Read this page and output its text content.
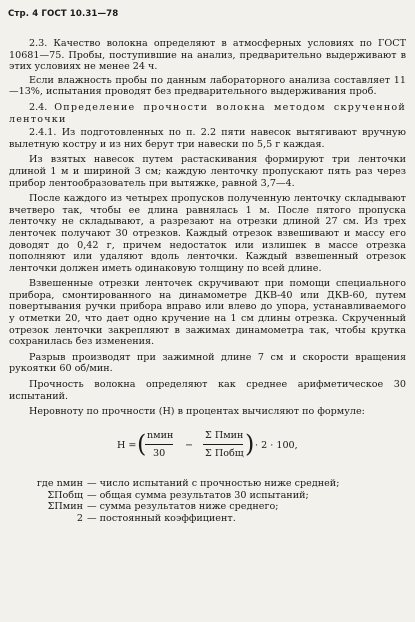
Стр. 4 ГОСТ 10.31—78

2.3. Качество волокна определяют в атмосферных условиях по ГОСТ 10681—75. Пробы, поступившие на анализ, предварительно выдерживают в этих условиях не менее 24 ч.

Если влажность пробы по данным лабораторного анализа составляет 11—13%, испытания проводят без предварительного выдерживания проб.

2.4. Определение прочности волокна методом скрученной ленточки

2.4.1. Из подготовленных по п. 2.2 пяти навесок вытягивают вручную вылетную костру и из них берут три навески по 5,5 г каждая.

Из взятых навесок путем растаскивания формируют три ленточки длиной 1 м и шириной 3 см; каждую ленточку пропускают пять раз через прибор лентообразователь при вытяжке, равной 3,7—4.

После каждого из четырех пропусков полученную ленточку складывают вчетверо так, чтобы ее длина равнялась 1 м. После пятого пропуска ленточку не складывают, а разрезают на отрезки длиной 27 см. Из трех ленточек получают 30 отрезков. Каждый отрезок взвешивают и массу его доводят до 0,42 г, причем недостаток или излишек в массе отрезка пополняют или удаляют вдоль ленточки. Каждый взвешенный отрезок ленточки должен иметь одинаковую толщину по всей длине.

Взвешенные отрезки ленточек скручивают при помощи специального прибора, смонтированного на динамометре ДКВ-40 или ДКВ-60, путем повертывания ручки прибора вправо или влево до упора, устанавливаемого у отметки 20, что дает одно кручение на 1 см длины отрезка. Скрученный отрезок ленточки закрепляют в зажимах динамометра так, чтобы крутка сохранилась без изменения.

Разрыв производят при зажимной длине 7 см и скорости вращения рукоятки 60 об/мин.

Прочность волокна определяют как среднее арифметическое 30 испытаний.

Неровноту по прочности (H) в процентах вычисляют по формуле:

H = ( nмин
30
−
Σ Пмин
Σ Побщ ) · 2 · 100,
где nмин — число испытаний с прочностью ниже средней;
ΣПобщ — общая сумма результатов 30 испытаний;
ΣПмин — сумма результатов ниже среднего;
2 — постоянный коэффициент.
